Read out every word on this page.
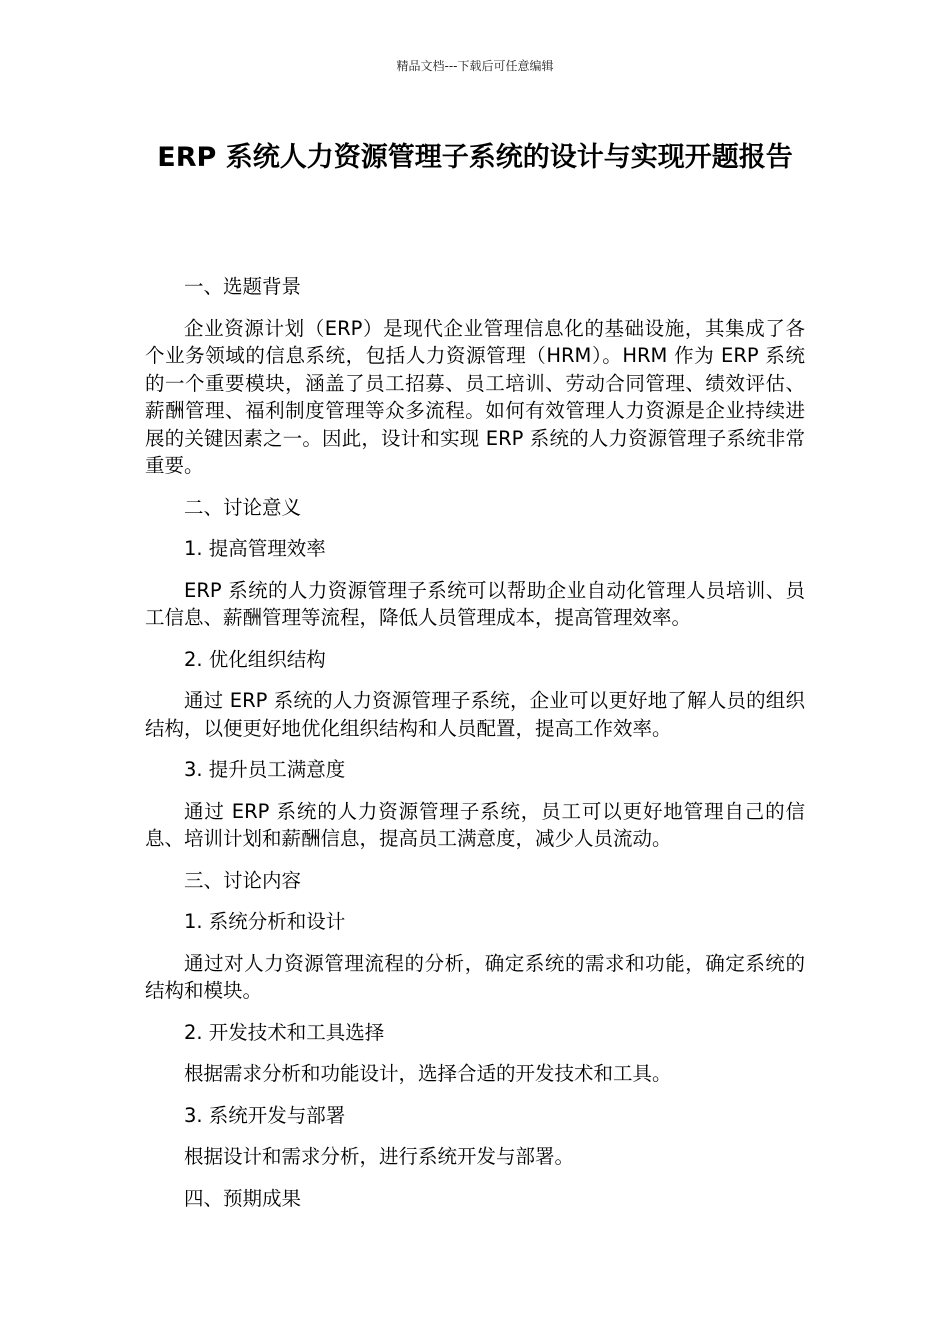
精品文档---下载后可任意编辑
ERP 系统人力资源管理子系统的设计与实现开题报告

一、选题背景

企业资源计划（ERP）是现代企业管理信息化的基础设施，其集成了各个业务领域的信息系统，包括人力资源管理（HRM）。HRM 作为 ERP 系统的一个重要模块，涵盖了员工招募、员工培训、劳动合同管理、绩效评估、薪酬管理、福利制度管理等众多流程。如何有效管理人力资源是企业持续进展的关键因素之一。因此，设计和实现 ERP 系统的人力资源管理子系统非常重要。

二、讨论意义

1. 提高管理效率

ERP 系统的人力资源管理子系统可以帮助企业自动化管理人员培训、员工信息、薪酬管理等流程，降低人员管理成本，提高管理效率。

2. 优化组织结构

通过 ERP 系统的人力资源管理子系统，企业可以更好地了解人员的组织结构，以便更好地优化组织结构和人员配置，提高工作效率。

3. 提升员工满意度

通过 ERP 系统的人力资源管理子系统，员工可以更好地管理自己的信息、培训计划和薪酬信息，提高员工满意度，减少人员流动。

三、讨论内容

1. 系统分析和设计

通过对人力资源管理流程的分析，确定系统的需求和功能，确定系统的结构和模块。

2. 开发技术和工具选择

根据需求分析和功能设计，选择合适的开发技术和工具。

3. 系统开发与部署

根据设计和需求分析，进行系统开发与部署。

四、预期成果
